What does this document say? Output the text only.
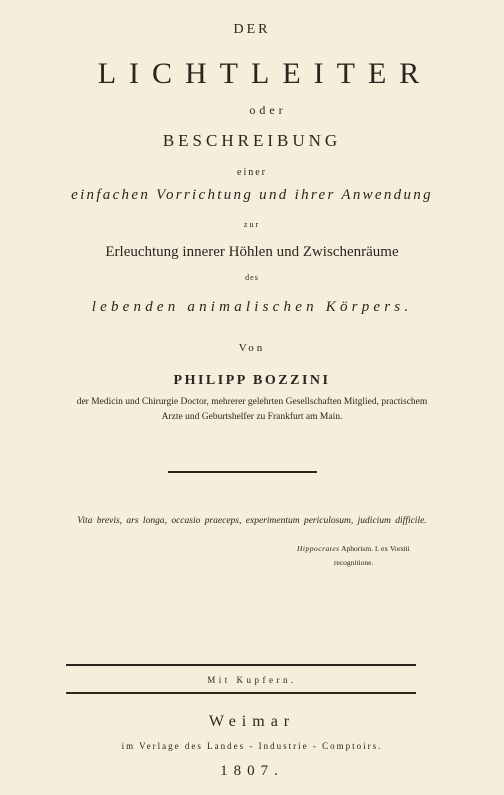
DER
LICHTLEITER
oder
BESCHREIBUNG
einer
einfachen Vorrichtung und ihrer Anwendung
zur
Erleuchtung innerer Höhlen und Zwischenräume
des
lebenden animalischen Körpers.
Von
PHILIPP BOZZINI
der Medicin und Chirurgie Doctor, mehrerer gelehrten Gesellschaften Mitglied, practischem
Arzte und Geburtshelfer zu Frankfurt am Main.
Vita brevis, ars longa, occasio praeceps, experimentum periculosum, judicium difficile.
Hippocrates Aphorism. I. ex Vorstii
recognitione.
Mit Kupfern.
Weimar
im Verlage des Landes - Industrie - Comptoirs.
1807.
